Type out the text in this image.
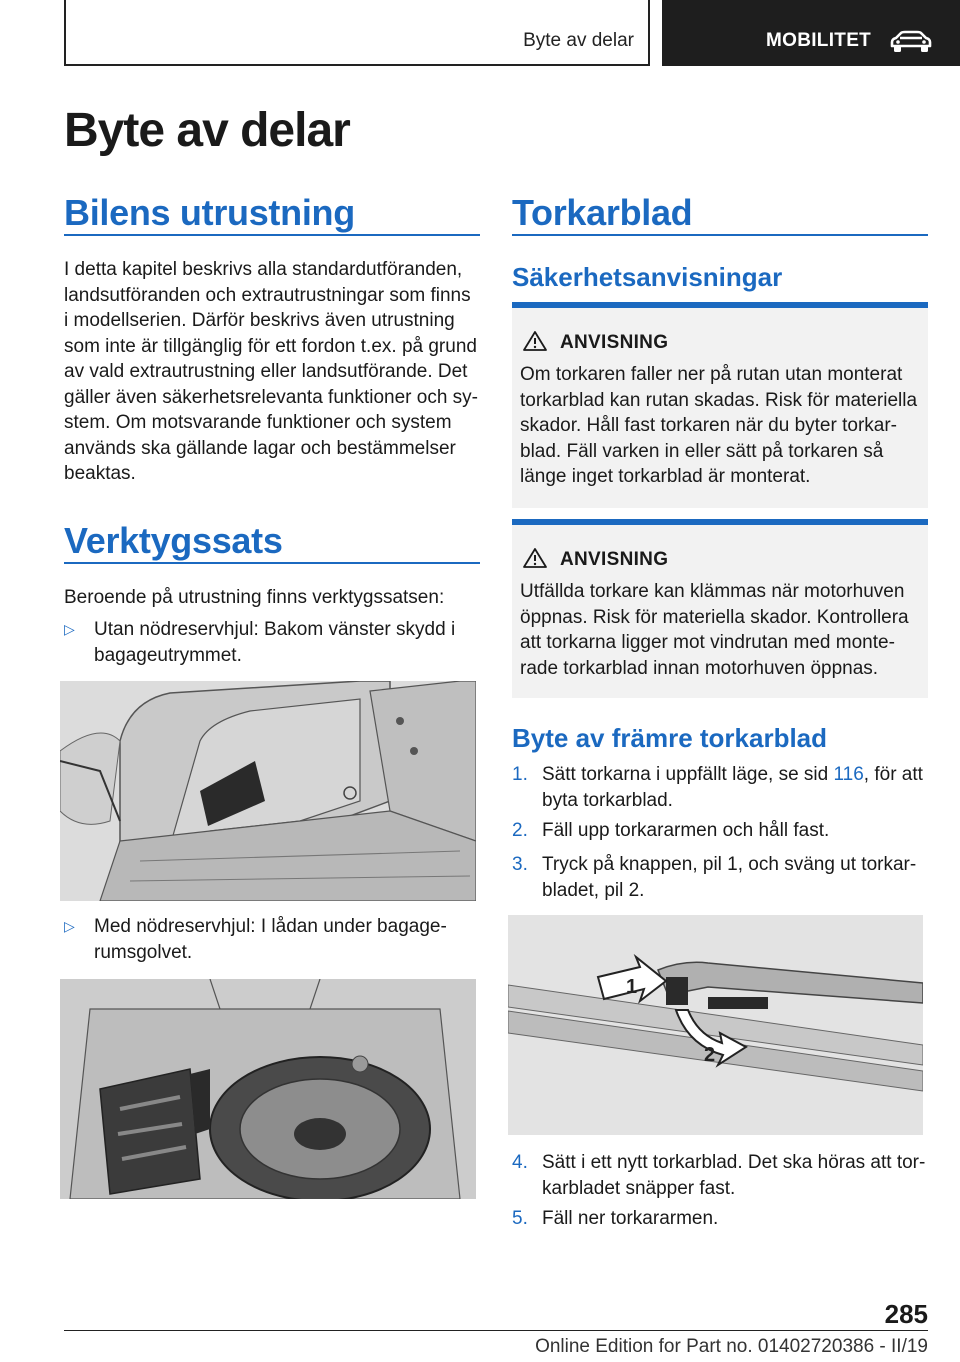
Byte av delar	MOBILITET
Byte av delar
Bilens utrustning
I detta kapitel beskrivs alla standardutföranden,
landsutföranden och extrautrustningar som finns
i modellserien. Därför beskrivs även utrustning
som inte är tillgänglig för ett fordon t.ex. på grund
av vald extrautrustning eller landsutförande. Det
gäller även säkerhetsrelevanta funktioner och sy-
stem. Om motsvarande funktioner och system
används ska gällande lagar och bestämmelser
beaktas.
Verktygssats
Beroende på utrustning finns verktygssatsen:
▷ Utan nödreservhjul: Bakom vänster skydd i
bagageutrymmet.
▷ Med nödreservhjul: I lådan under bagage-
rumsgolvet.
Torkarblad
Säkerhetsanvisningar
ANVISNING
Om torkaren faller ner på rutan utan monterat
torkarblad kan rutan skadas. Risk för materiella
skador. Håll fast torkaren när du byter torkar-
blad. Fäll varken in eller sätt på torkaren så
länge inget torkarblad är monterat.
ANVISNING
Utfällda torkare kan klämmas när motorhuven
öppnas. Risk för materiella skador. Kontrollera
att torkarna ligger mot vindrutan med monte-
rade torkarblad innan motorhuven öppnas.
Byte av främre torkarblad
1. Sätt torkarna i uppfällt läge, se sid 116, för att
byta torkarblad.
2. Fäll upp torkararmen och håll fast.
3. Tryck på knappen, pil 1, och sväng ut torkar-
bladet, pil 2.
1
2
4. Sätt i ett nytt torkarblad. Det ska höras att tor-
karbladet snäpper fast.
5. Fäll ner torkararmen.
285
Online Edition for Part no. 01402720386 - II/19
